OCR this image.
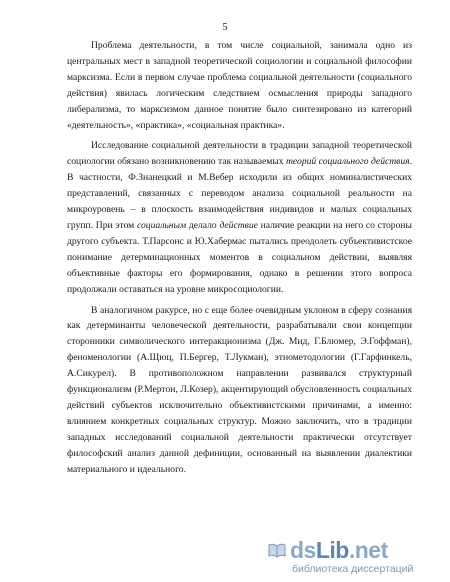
5

Проблема деятельности, в том числе социальной, занимала одно из центральных мест в западной теоретической социологии и социальной философии марксизма. Если в первом случае проблема социальной деятельности (социального действия) явилась логическим следствием осмысления природы западного либерализма, то марксизмом данное понятие было синтезировано из категорий «деятельность», «практика», «социальная практика».

Исследование социальной деятельности в традиции западной теоретической социологии обязано возникновению так называемых теорий социального действия. В частности, Ф.Знанецкий и М.Вебер исходили из общих номиналистических представлений, связанных с переводом анализа социальной реальности на микроуровень – в плоскость взаимодействия индивидов и малых социальных групп. При этом социальным делало действие наличие реакции на него со стороны другого субъекта. Т.Парсонс и Ю.Хабермас пытались преодолеть субъективистское понимание детерминационных моментов в социальном действии, выявляя объективные факторы его формирования, однако в решении этого вопроса продолжали оставаться на уровне микросоциологии.

В аналогичном ракурсе, но с еще более очевидным уклоном в сферу сознания как детерминанты человеческой деятельности, разрабатывали свои концепции сторонники символического интеракционизма (Дж. Мид, Г.Блюмер, Э.Гоффман), феноменологии (А.Щюц, П.Бергер, Т.Лукман), этнометодологии (Г.Гарфинкель, А.Сикурел). В противоположном направлении развивался структурный функционализм (Р.Мертон, Л.Козер), акцентирующий обусловленность социальных действий субъектов исключительно объективистскими причинами, а именно: влиянием конкретных социальных структур. Можно заключить, что в традиции западных исследований социальной деятельности практически отсутствует философский анализ данной дефиниции, основанный на выявлении диалектики материального и идеального.

ds Lib .net
библиотека диссертаций
